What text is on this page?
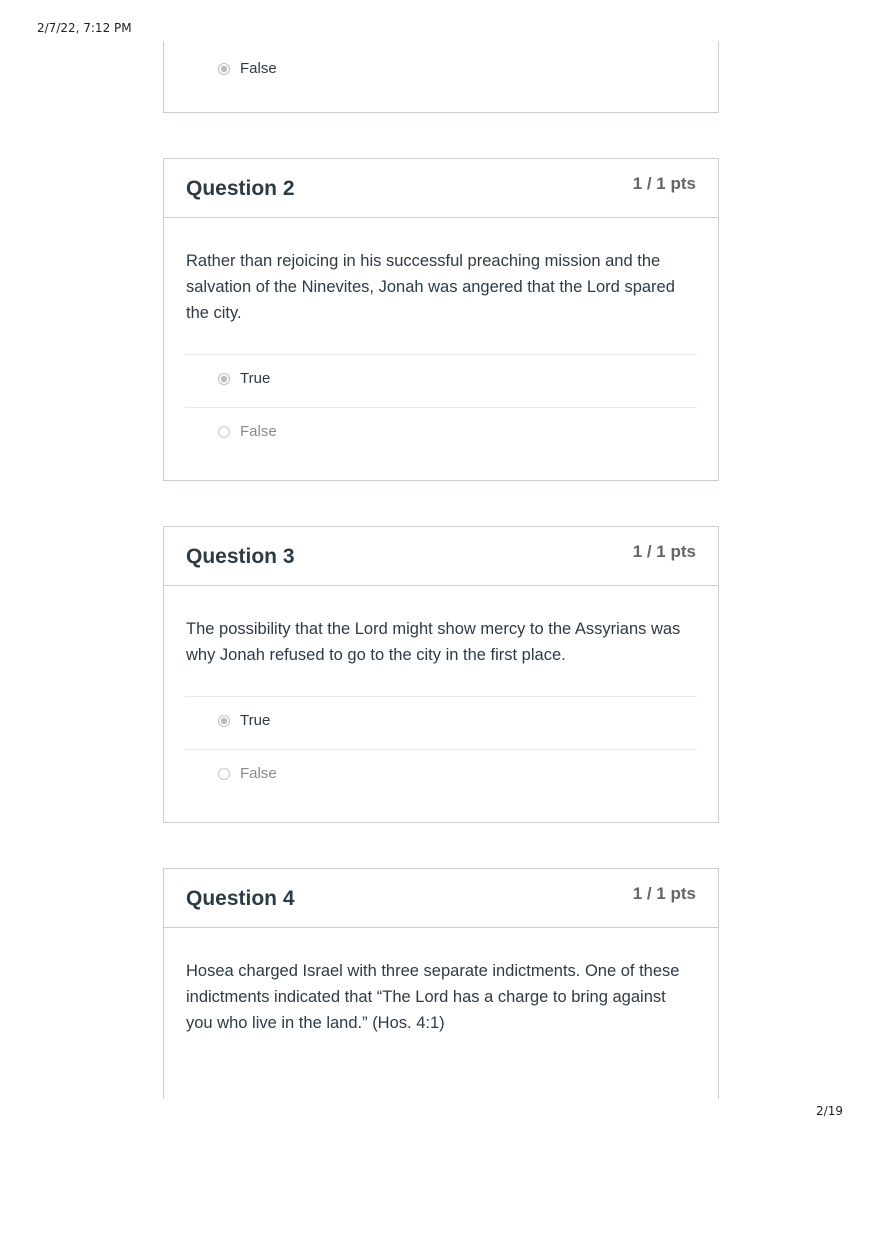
2/7/22, 7:12 PM
False
Question 2	1 / 1 pts
Rather than rejoicing in his successful preaching mission and the salvation of the Ninevites, Jonah was angered that the Lord spared the city.
True
False
Question 3	1 / 1 pts
The possibility that the Lord might show mercy to the Assyrians was why Jonah refused to go to the city in the first place.
True
False
Question 4	1 / 1 pts
Hosea charged Israel with three separate indictments. One of these indictments indicated that “The Lord has a charge to bring against you who live in the land.” (Hos. 4:1)
2/19
